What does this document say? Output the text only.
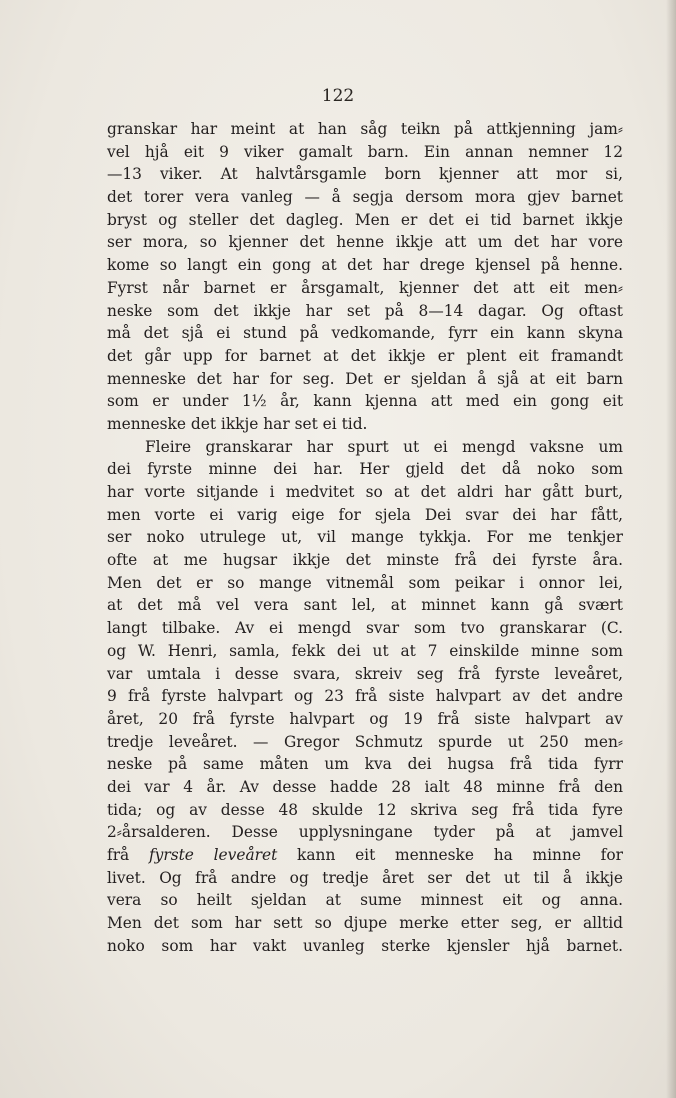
122
granskar har meint at han såg teikn på attkjenning jam⸗
vel hjå eit 9 viker gamalt barn. Ein annan nemner 12
—13 viker. At halvtårsgamle born kjenner att mor si,
det torer vera vanleg — å segja dersom mora gjev barnet
bryst og steller det dagleg. Men er det ei tid barnet ikkje
ser mora, so kjenner det henne ikkje att um det har vore
kome so langt ein gong at det har drege kjensel på henne.
Fyrst når barnet er årsgamalt, kjenner det att eit men⸗
neske som det ikkje har set på 8—14 dagar. Og oftast
må det sjå ei stund på vedkomande, fyrr ein kann skyna
det går upp for barnet at det ikkje er plent eit framandt
menneske det har for seg. Det er sjeldan å sjå at eit barn
som er under 1½ år, kann kjenna att med ein gong eit
menneske det ikkje har set ei tid.
Fleire granskarar har spurt ut ei mengd vaksne um
dei fyrste minne dei har. Her gjeld det då noko som
har vorte sitjande i medvitet so at det aldri har gått burt,
men vorte ei varig eige for sjela Dei svar dei har fått,
ser noko utrulege ut, vil mange tykkja. For me tenkjer
ofte at me hugsar ikkje det minste frå dei fyrste åra.
Men det er so mange vitnemål som peikar i onnor lei,
at det må vel vera sant lel, at minnet kann gå svært
langt tilbake. Av ei mengd svar som tvo granskarar (C.
og W. Henri, samla, fekk dei ut at 7 einskilde minne som
var umtala i desse svara, skreiv seg frå fyrste leveåret,
9 frå fyrste halvpart og 23 frå siste halvpart av det andre
året, 20 frå fyrste halvpart og 19 frå siste halvpart av
tredje leveåret. — Gregor Schmutz spurde ut 250 men⸗
neske på same måten um kva dei hugsa frå tida fyrr
dei var 4 år. Av desse hadde 28 ialt 48 minne frå den
tida; og av desse 48 skulde 12 skriva seg frå tida fyre
2⸗årsalderen. Desse upplysningane tyder på at jamvel
frå fyrste leveåret kann eit menneske ha minne for
livet. Og frå andre og tredje året ser det ut til å ikkje
vera so heilt sjeldan at sume minnest eit og anna.
Men det som har sett so djupe merke etter seg, er alltid
noko som har vakt uvanleg sterke kjensler hjå barnet.
